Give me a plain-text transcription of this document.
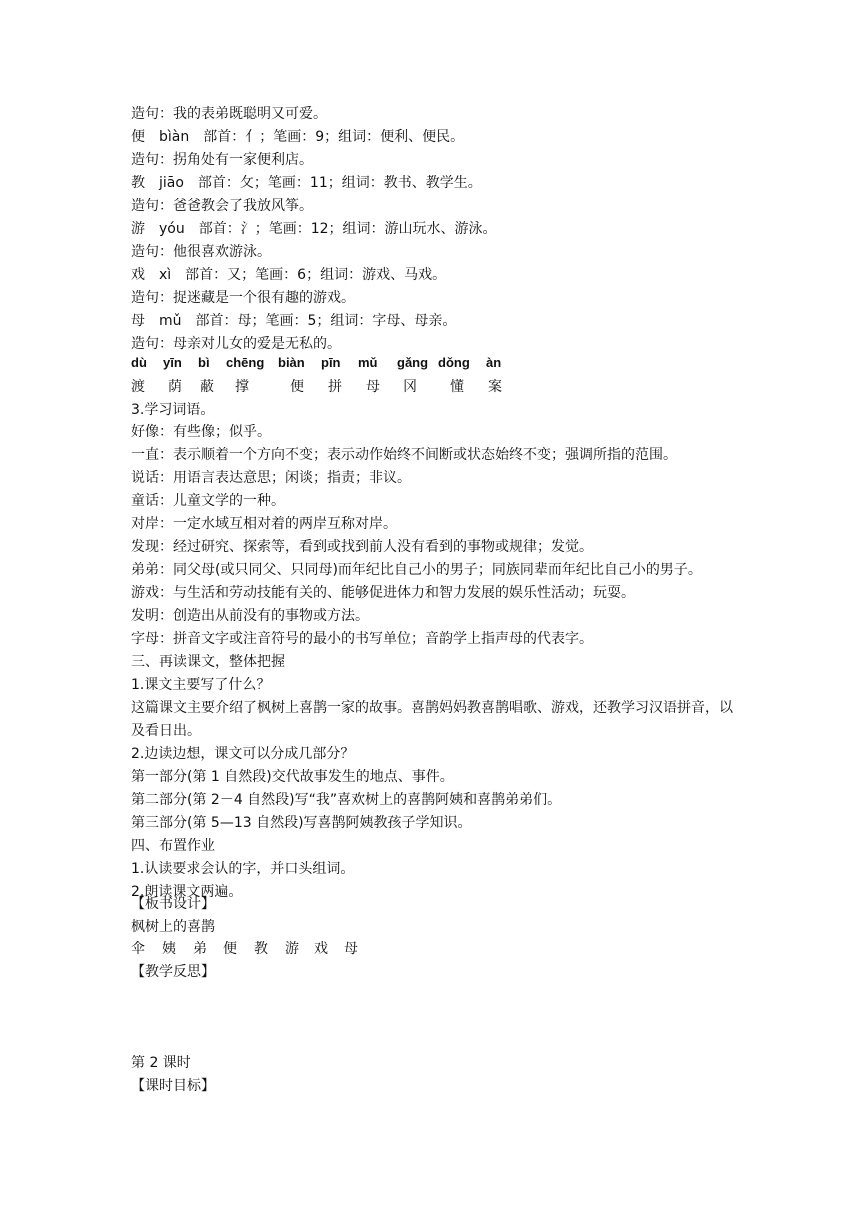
造句：我的表弟既聪明又可爱。
便　bìàn　部首：亻；笔画：9；组词：便利、便民。
造句：拐角处有一家便利店。
教　jiāo　部首：攵；笔画：11；组词：教书、教学生。
造句：爸爸教会了我放风筝。
游　yóu　部首：氵；笔画：12；组词：游山玩水、游泳。
造句：他很喜欢游泳。
戏　xì　部首：又；笔画：6；组词：游戏、马戏。
造句：捉迷藏是一个很有趣的游戏。
母　mǔ　部首：母；笔画：5；组词：字母、母亲。
造句：母亲对儿女的爱是无私的。
dù yīn bì chēng biàn pīn mǔ gǎng dǒng àn
渡 荫 蔽 撑	便 拼 母 冈 懂 案
3.学习词语。
好像：有些像；似乎。
一直：表示顺着一个方向不变；表示动作始终不间断或状态始终不变；强调所指的范围。
说话：用语言表达意思；闲谈；指责；非议。
童话：儿童文学的一种。
对岸：一定水域互相对着的两岸互称对岸。
发现：经过研究、探索等，看到或找到前人没有看到的事物或规律；发觉。
弟弟：同父母(或只同父、只同母)而年纪比自己小的男子；同族同辈而年纪比自己小的男子。
游戏：与生活和劳动技能有关的、能够促进体力和智力发展的娱乐性活动；玩耍。
发明：创造出从前没有的事物或方法。
字母：拼音文字或注音符号的最小的书写单位；音韵学上指声母的代表字。
三、再读课文，整体把握
1.课文主要写了什么？
这篇课文主要介绍了枫树上喜鹊一家的故事。喜鹊妈妈教喜鹊唱歌、游戏，还教学习汉语拼音，以及看日出。
2.边读边想，课文可以分成几部分？
第一部分(第 1 自然段)交代故事发生的地点、事件。
第二部分(第 2－4 自然段)写“我”喜欢树上的喜鹊阿姨和喜鹊弟弟们。
第三部分(第 5—13 自然段)写喜鹊阿姨教孩子学知识。
四、布置作业
1.认读要求会认的字，并口头组词。
2.朗读课文两遍。
【板书设计】
枫树上的喜鹊
伞 姨 弟 便 教 游 戏 母
【教学反思】
第 2 课时
【课时目标】
